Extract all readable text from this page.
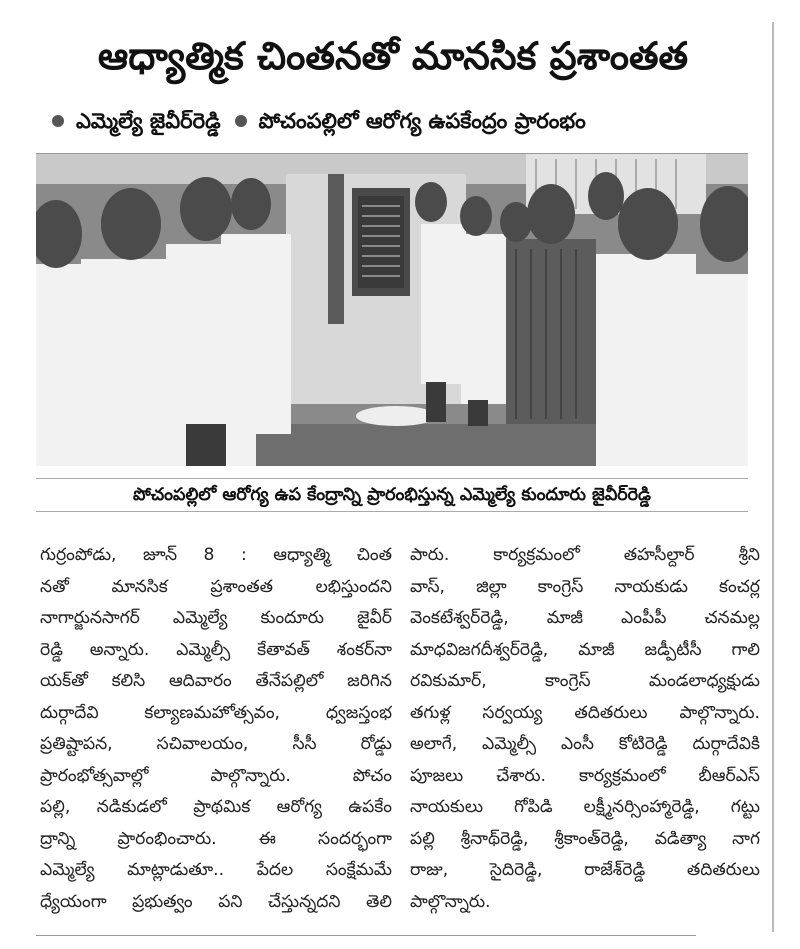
ఆధ్యాత్మిక చింతనతో మానసిక ప్రశాంతత
ఎమ్మెల్యే జైవీర్‌రెడ్డి పోచంపల్లిలో ఆరోగ్య ఉపకేంద్రం ప్రారంభం
పోచంపల్లిలో ఆరోగ్య ఉప కేంద్రాన్ని ప్రారంభిస్తున్న ఎమ్మెల్యే కుందూరు జైవీర్‌రెడ్డి
గుర్రంపోడు, జూన్ 8 : ఆధ్యాత్మి చింత
నతో మానసిక ప్రశాంతత లభిస్తుందని
నాగార్జునసాగర్ ఎమ్మెల్యే కుందూరు జైవీర్
రెడ్డి అన్నారు. ఎమ్మెల్సీ కేతావత్ శంకర్‌నా
యక్‌తో కలిసి ఆదివారం తేనేపల్లిలో జరిగిన
దుర్గాదేవి కల్యాణమహోత్సవం, ధ్వజస్తంభ
ప్రతిష్టాపన, సచివాలయం, సీసీ రోడ్డు
ప్రారంభోత్సవాల్లో పాల్గొన్నారు. పోచం
పల్లి, నడికుడలో ప్రాథమిక ఆరోగ్య ఉపకేం
ద్రాన్ని ప్రారంభించారు. ఈ సందర్భంగా
ఎమ్మెల్యే మాట్లాడుతూ.. పేదల సంక్షేమమే
ధ్యేయంగా ప్రభుత్వం పని చేస్తున్నదని తెలి
పారు. కార్యక్రమంలో తహసీల్దార్ శ్రీని
వాస్, జిల్లా కాంగ్రెస్ నాయకుడు కంచర్ల
వెంకటేశ్వర్‌రెడ్డి, మాజీ ఎంపీపీ చనమల్ల
మాధవిజగదీశ్వర్‌రెడ్డి, మాజీ జడ్పీటీసీ గాలి
రవికుమార్, కాంగ్రెస్ మండలాధ్యక్షుడు
తగుళ్ల సర్వయ్య తదితరులు పాల్గొన్నారు.
అలాగే, ఎమ్మెల్సీ ఎంసీ కోటిరెడ్డి దుర్గాదేవికి
పూజలు చేశారు. కార్యక్రమంలో బీఆర్ఎస్
నాయకులు గోపిడి లక్ష్మీనర్సింహ్మారెడ్డి, గట్టు
పల్లి శ్రీనాథ్‌రెడ్డి, శ్రీకాంత్‌రెడ్డి, వడిత్యా నాగ
రాజు, సైదిరెడ్డి, రాజేశ్‌రెడ్డి తదితరులు
పాల్గొన్నారు.
